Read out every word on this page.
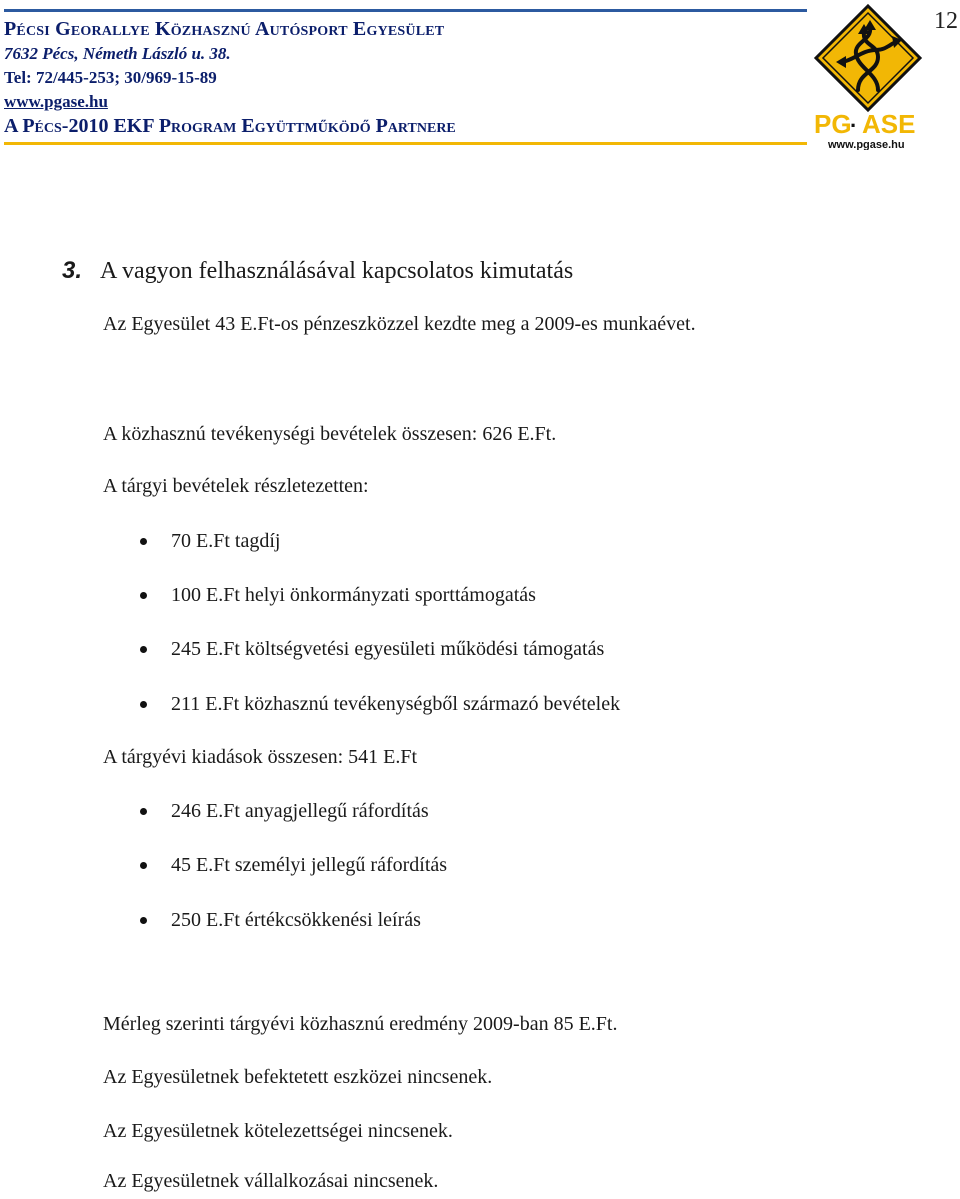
12
Pécsi Georallye Közhasznú Autósport Egyesület
7632 Pécs, Németh László u. 38.
Tel: 72/445-253; 30/969-15-89
www.pgase.hu
A Pécs-2010 EKF Program Együttműködő Partnere	PG
· ASE
www.pgase.hu
3. A vagyon felhasználásával kapcsolatos kimutatás
Az Egyesület 43 E.Ft-os pénzeszközzel kezdte meg a 2009-es munkaévet.
A közhasznú tevékenységi bevételek összesen: 626 E.Ft.
A tárgyi bevételek részletezetten:
70 E.Ft tagdíj
100 E.Ft helyi önkormányzati sporttámogatás
245 E.Ft költségvetési egyesületi működési támogatás
211 E.Ft közhasznú tevékenységből származó bevételek
A tárgyévi kiadások összesen: 541 E.Ft
246 E.Ft anyagjellegű ráfordítás
45 E.Ft személyi jellegű ráfordítás
250 E.Ft értékcsökkenési leírás
Mérleg szerinti tárgyévi közhasznú eredmény 2009-ban 85 E.Ft.
Az Egyesületnek befektetett eszközei nincsenek.
Az Egyesületnek kötelezettségei nincsenek.
Az Egyesületnek vállalkozásai nincsenek.
